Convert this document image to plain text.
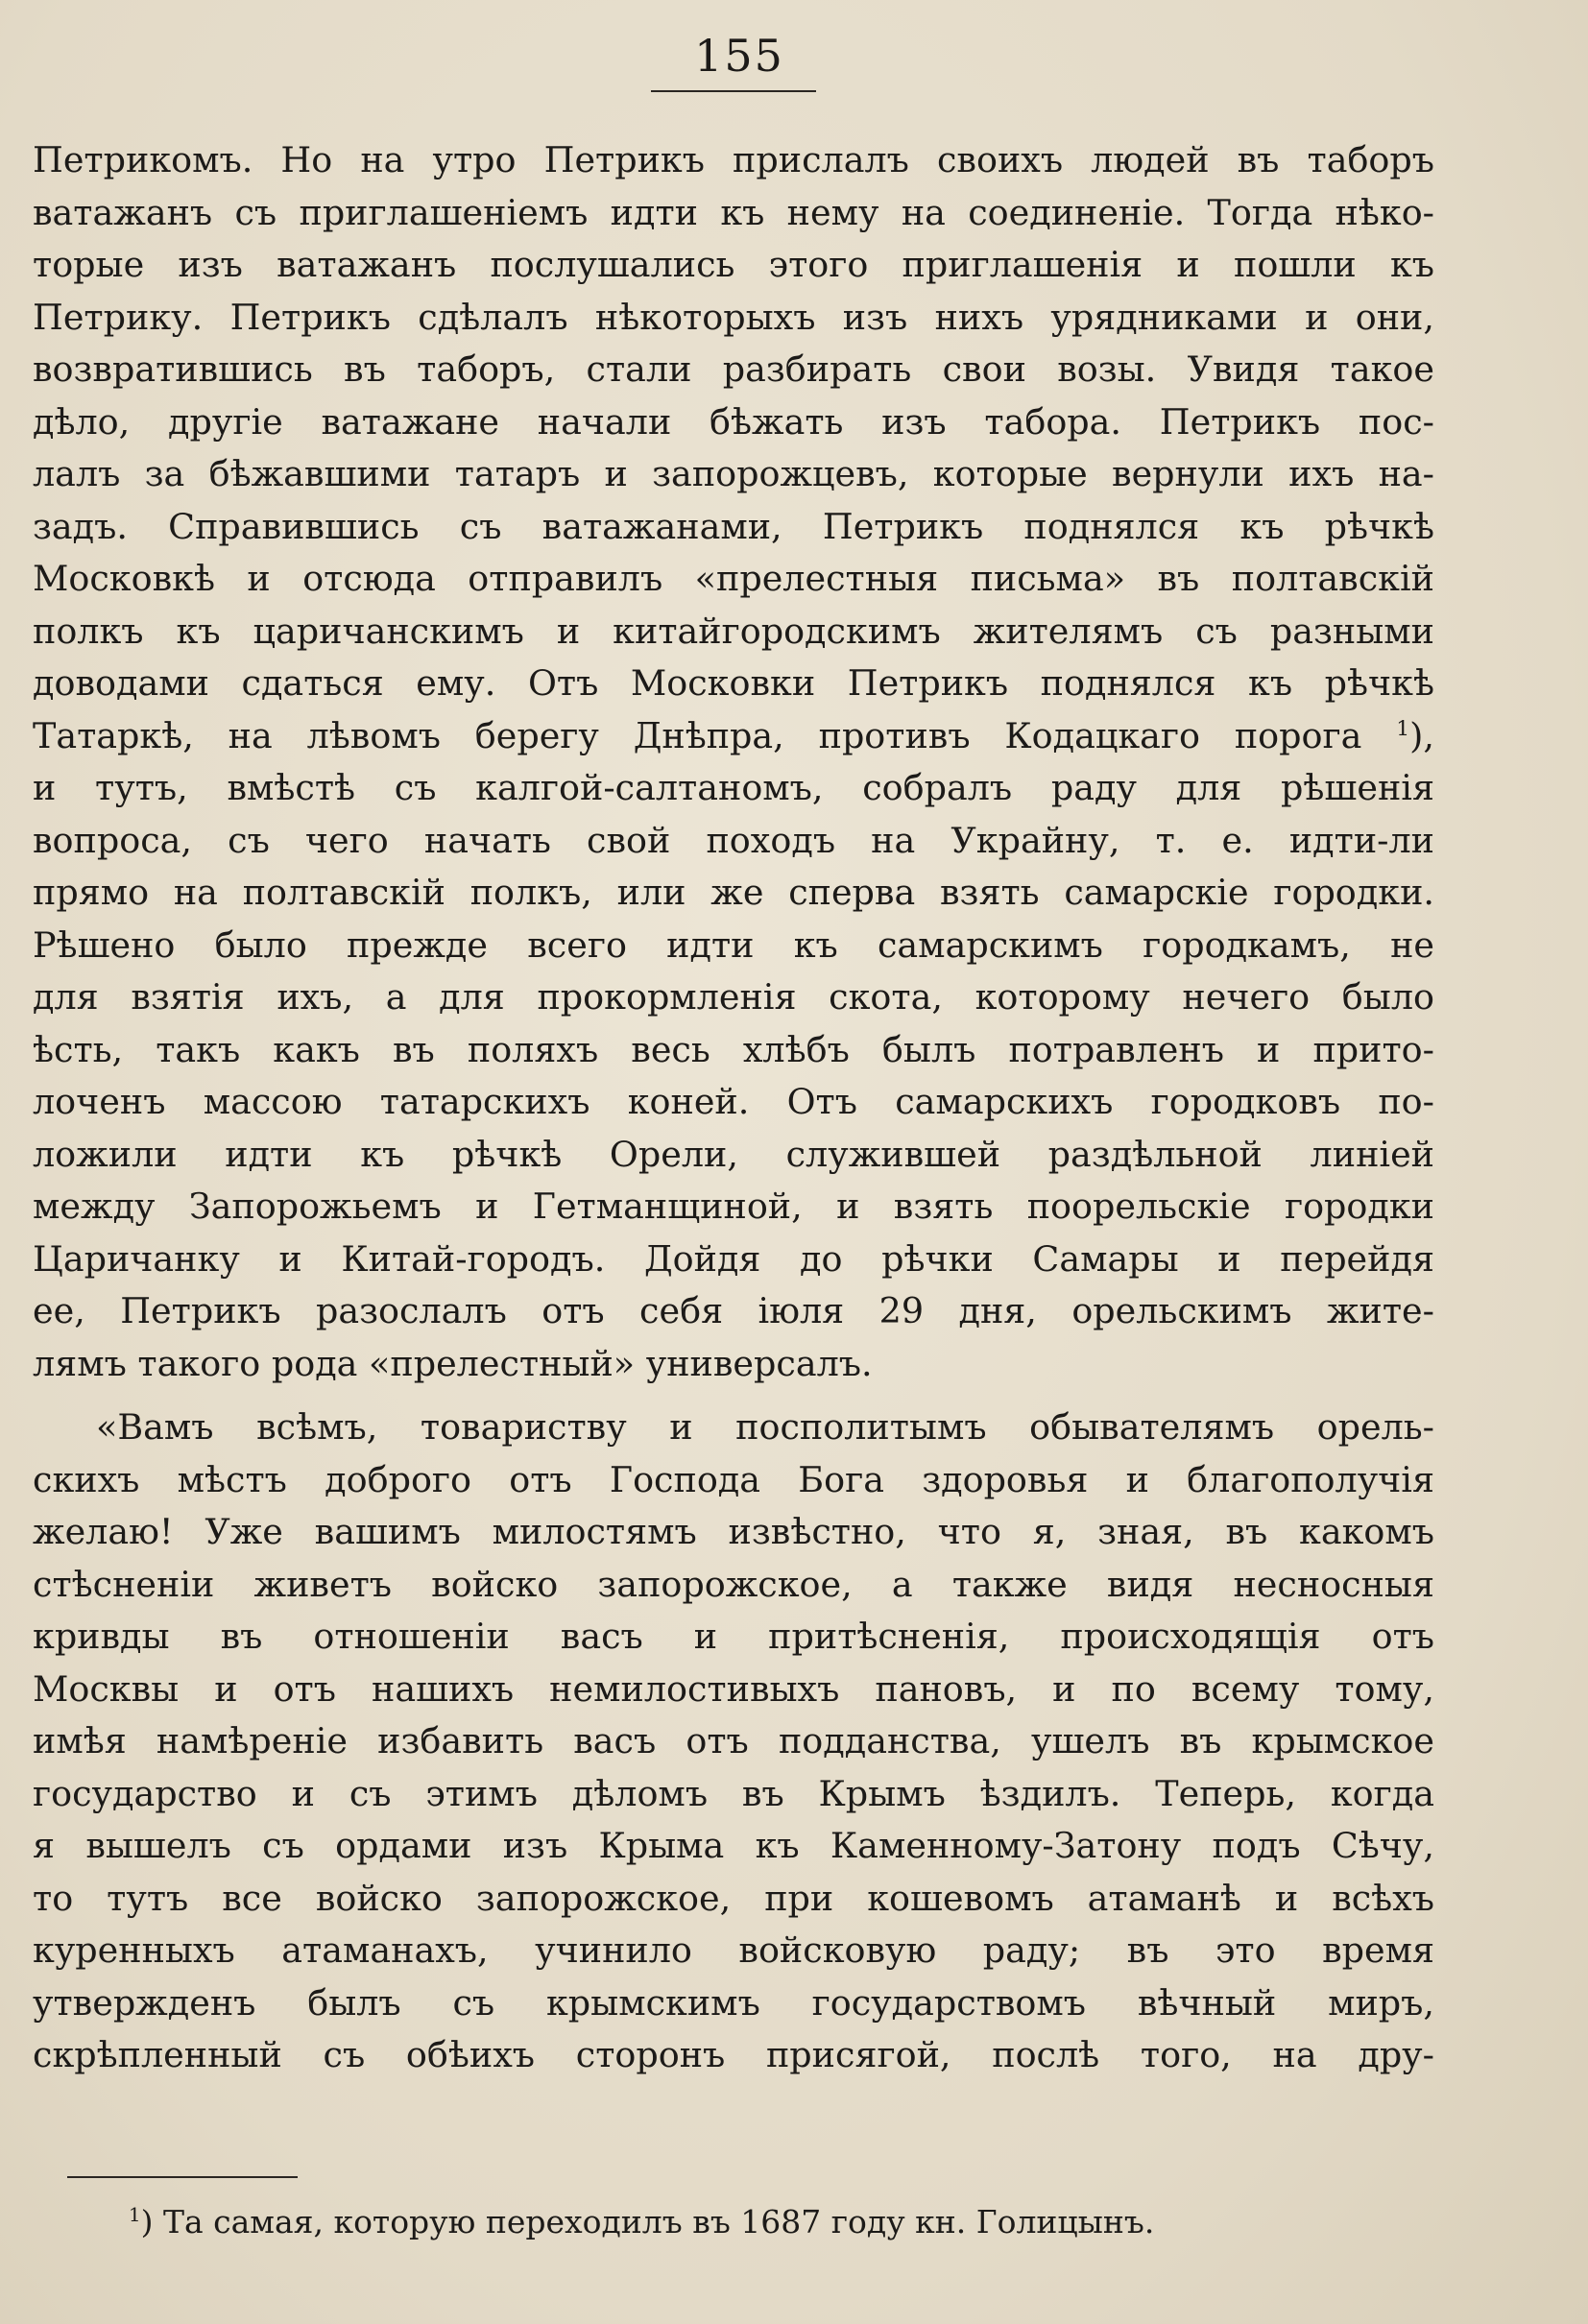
155
Петрикомъ. Но на утро Петрикъ прислалъ своихъ людей въ таборъ
ватажанъ съ приглашеніемъ идти къ нему на соединеніе. Тогда нѣко-
торые изъ ватажанъ послушались этого приглашенія и пошли къ
Петрику. Петрикъ сдѣлалъ нѣкоторыхъ изъ нихъ урядниками и они,
возвратившись въ таборъ, стали разбирать свои возы. Увидя такое
дѣло, другіе ватажане начали бѣжать изъ табора. Петрикъ пос-
лалъ за бѣжавшими татаръ и запорожцевъ, которые вернули ихъ на-
задъ. Справившись съ ватажанами, Петрикъ поднялся къ рѣчкѣ
Московкѣ и отсюда отправилъ «прелестныя письма» въ полтавскій
полкъ къ царичанскимъ и китайгородскимъ жителямъ съ разными
доводами сдаться ему. Отъ Московки Петрикъ поднялся къ рѣчкѣ
Татаркѣ, на лѣвомъ берегу Днѣпра, противъ Кодацкаго порога $^1$),
и тутъ, вмѣстѣ съ калгой-салтаномъ, собралъ раду для рѣшенія
вопроса, съ чего начать свой походъ на Украйну, т. е. идти-ли
прямо на полтавскій полкъ, или же сперва взять самарскіе городки.
Рѣшено было прежде всего идти къ самарскимъ городкамъ, не
для взятія ихъ, а для прокормленія скота, которому нечего было
ѣсть, такъ какъ въ поляхъ весь хлѣбъ былъ потравленъ и прито-
лоченъ массою татарскихъ коней. Отъ самарскихъ городковъ по-
ложили идти къ рѣчкѣ Орели, служившей раздѣльной линіей
между Запорожьемъ и Гетманщиной, и взять поорельскіе городки
Царичанку и Китай-городъ. Дойдя до рѣчки Самары и перейдя
ее, Петрикъ разослалъ отъ себя іюля 29 дня, орельскимъ жите-
лямъ такого рода «прелестный» универсалъ.
«Вамъ всѣмъ, товариству и посполитымъ обывателямъ орель-
скихъ мѣстъ доброго отъ Господа Бога здоровья и благополучія
желаю! Уже вашимъ милостямъ извѣстно, что я, зная, въ какомъ
стѣсненіи живетъ войско запорожское, а также видя несносныя
кривды въ отношеніи васъ и притѣсненія, происходящія отъ
Москвы и отъ нашихъ немилостивыхъ пановъ, и по всему тому,
имѣя намѣреніе избавить васъ отъ подданства, ушелъ въ крымское
государство и съ этимъ дѣломъ въ Крымъ ѣздилъ. Теперь, когда
я вышелъ съ ордами изъ Крыма къ Каменному-Затону подъ Сѣчу,
то тутъ все войско запорожское, при кошевомъ атаманѣ и всѣхъ
куренныхъ атаманахъ, учинило войсковую раду; въ это время
утвержденъ былъ съ крымскимъ государствомъ вѣчный миръ,
скрѣпленный съ обѣихъ сторонъ присягой, послѣ того, на дру-
$^1$) Та самая, которую переходилъ въ 1687 году кн. Голицынъ.
